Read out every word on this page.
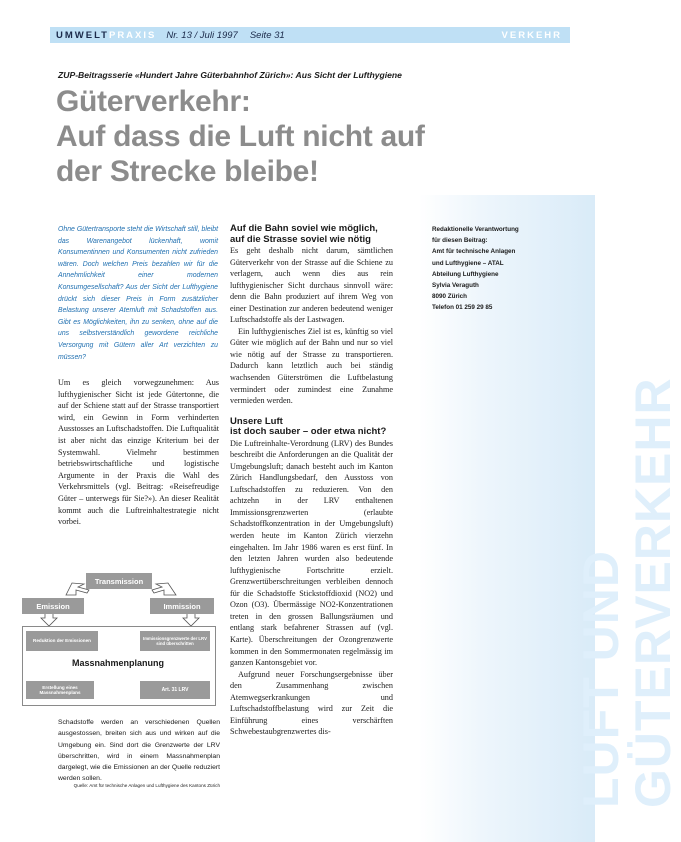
LUFT UND
GÜTERVERKEHR
UMWELT PRAXIS Nr. 13 / Juli 1997 Seite 31	VERKEHR
ZUP-Beitragsserie «Hundert Jahre Güterbahnhof Zürich»: Aus Sicht der Lufthygiene
Güterverkehr:
Auf dass die Luft nicht auf
der Strecke bleibe!

Ohne Gütertransporte steht die Wirtschaft still, bleibt das Warenangebot lückenhaft, womit Konsumentinnen und Konsumenten nicht zufrieden wären. Doch welchen Preis bezahlen wir für die Annehmlichkeit einer modernen Konsumgesellschaft? Aus der Sicht der Lufthygiene drückt sich dieser Preis in Form zusätzlicher Belastung unserer Atemluft mit Schadstoffen aus. Gibt es Möglichkeiten, ihn zu senken, ohne auf die uns selbstverständlich gewordene reichliche Versorgung mit Gütern aller Art verzichten zu müssen?

Um es gleich vorwegzunehmen: Aus lufthygienischer Sicht ist jede Gütertonne, die auf der Schiene statt auf der Strasse transportiert wird, ein Gewinn in Form verhinderten Ausstosses an Luftschadstoffen. Die Luftqualität ist aber nicht das einzige Kriterium bei der Systemwahl. Vielmehr bestimmen betriebswirtschaftliche und logistische Argumente in der Praxis die Wahl des Verkehrsmittels (vgl. Beitrag: «Reisefreudige Güter – unterwegs für Sie?»). An dieser Realität kommt auch die Luftreinhaltestrategie nicht vorbei.

Transmission
Emission	Immission
Reduktion der Emissionen	Immissionsgrenzwerte der LRV sind überschritten
Massnahmenplanung
Erstellung eines Massnahmenplans	Art. 31 LRV

Schadstoffe werden an verschiedenen Quellen ausgestossen, breiten sich aus und wirken auf die Umgebung ein. Sind dort die Grenzwerte der LRV überschritten, wird in einem Massnahmenplan dargelegt, wie die Emissionen an der Quelle reduziert werden sollen.

Quelle: Amt für technische Anlagen und Lufthygiene des Kantons Zürich
Auf die Bahn soviel wie möglich,
auf die Strasse soviel wie nötig

Es geht deshalb nicht darum, sämtlichen Güterverkehr von der Strasse auf die Schiene zu verlagern, auch wenn dies aus rein lufthygienischer Sicht durchaus sinnvoll wäre: denn die Bahn produziert auf ihrem Weg von einer Destination zur anderen bedeutend weniger Luftschadstoffe als der Lastwagen.

Ein lufthygienisches Ziel ist es, künftig so viel Güter wie möglich auf der Bahn und nur so viel wie nötig auf der Strasse zu transportieren. Dadurch kann letztlich auch bei ständig wachsenden Güterströmen die Luftbelastung vermindert oder zumindest eine Zunahme vermieden werden.

Unsere Luft
ist doch sauber – oder etwa nicht?

Die Luftreinhalte-Verordnung (LRV) des Bundes beschreibt die Anforderungen an die Qualität der Umgebungsluft; danach besteht auch im Kanton Zürich Handlungsbedarf, den Ausstoss von Luftschadstoffen zu reduzieren. Von den achtzehn in der LRV enthaltenen Immissionsgrenzwerten (erlaubte Schadstoffkonzentration in der Umgebungsluft) werden heute im Kanton Zürich vierzehn eingehalten. Im Jahr 1986 waren es erst fünf. In den letzten Jahren wurden also bedeutende lufthygienische Fortschritte erzielt. Grenzwertüberschreitungen verbleiben dennoch für die Schadstoffe Stickstoffdioxid (NO2) und Ozon (O3). Übermässige NO2-Konzentrationen treten in den grossen Ballungsräumen und entlang stark befahrener Strassen auf (vgl. Karte). Überschreitungen der Ozongrenzwerte kommen in den Sommermonaten regelmässig im ganzen Kantonsgebiet vor.

Aufgrund neuer Forschungsergebnisse über den Zusammenhang zwischen Atemwegserkrankungen und Luftschadstoffbelastung wird zur Zeit die Einführung eines verschärften Schwebestaubgrenzwertes dis-

Redaktionelle Verantwortung
für diesen Beitrag:
Amt für technische Anlagen
und Lufthygiene – ATAL
Abteilung Lufthygiene
Sylvia Veraguth
8090 Zürich
Telefon 01 259 29 85
